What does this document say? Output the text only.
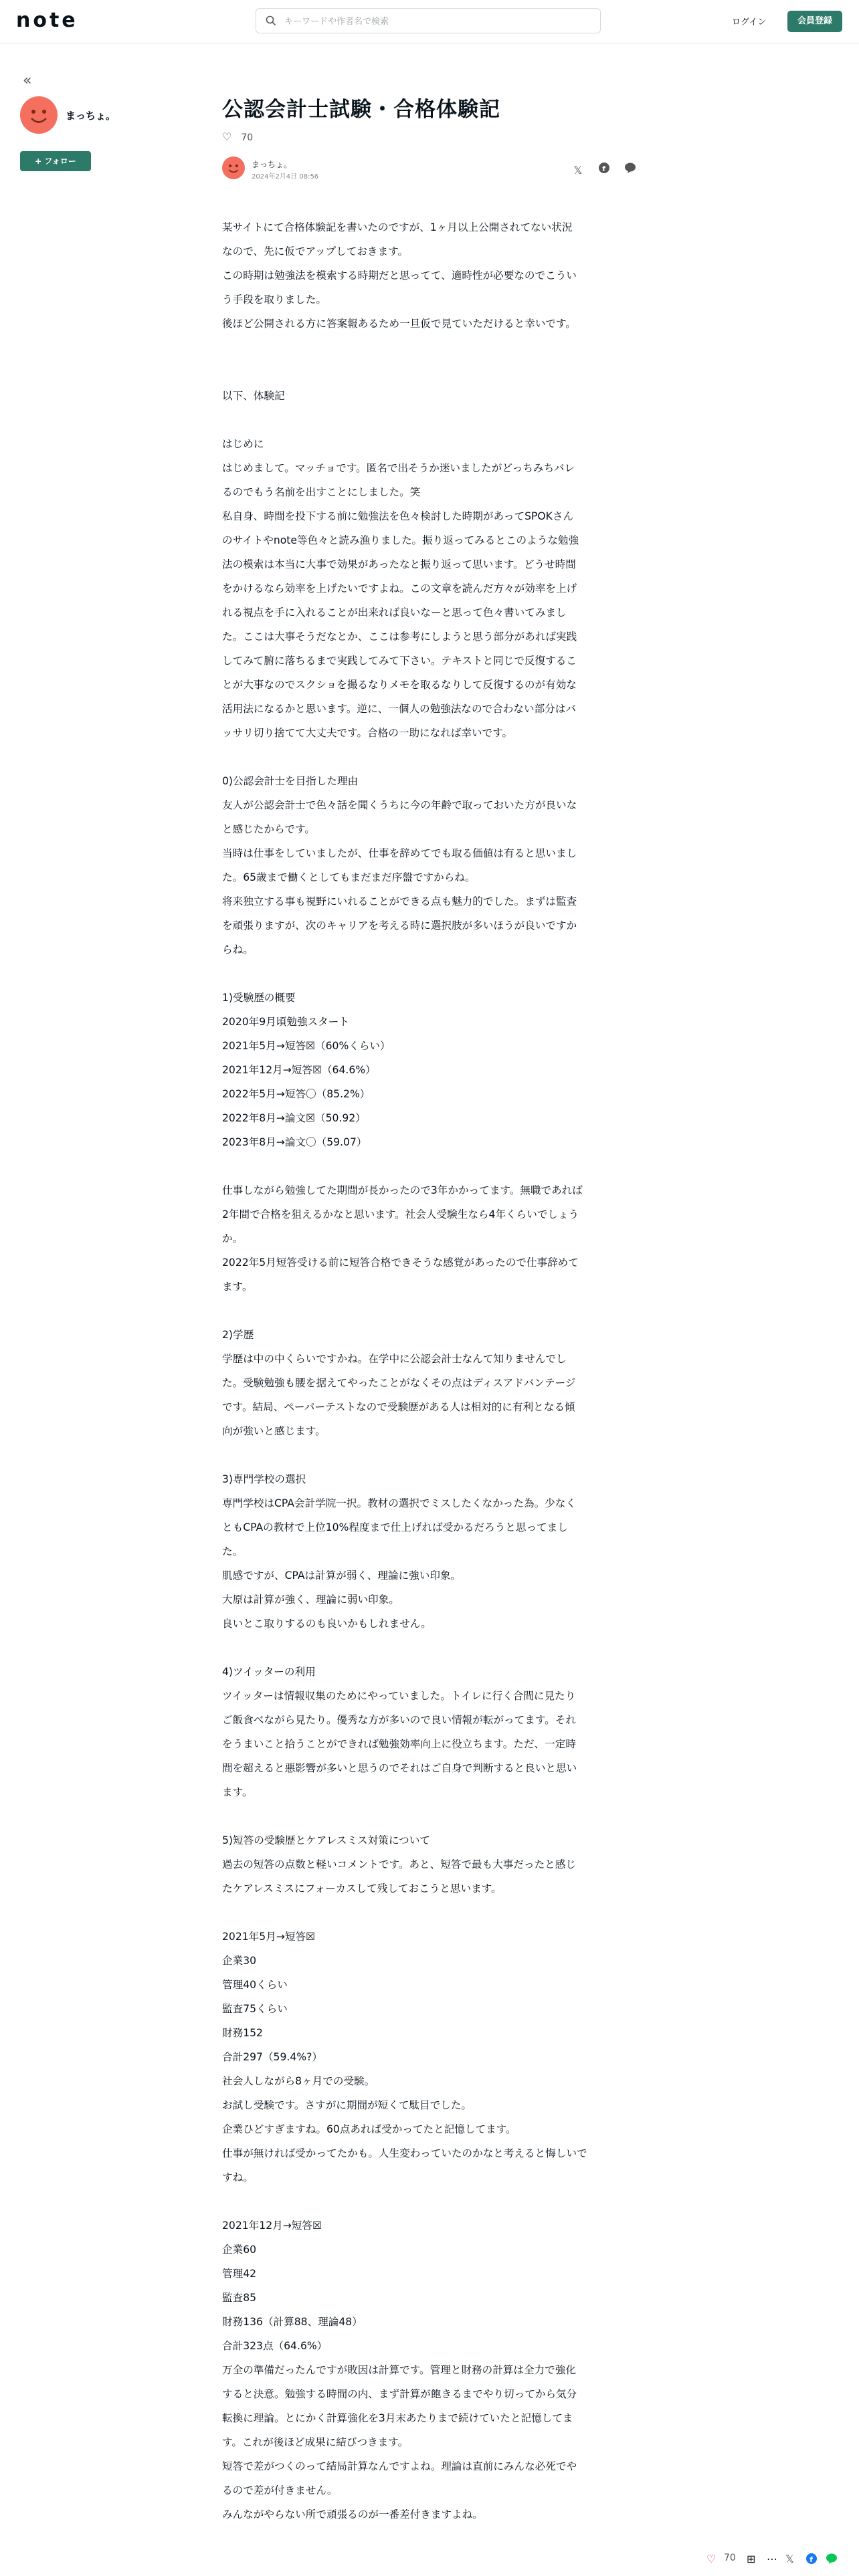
note
キーワードや作者名で検索	ログイン	会員登録
«
まっちょ。
+ フォロー
公認会計士試験・合格体験記
♡ 70
まっちょ。
2024年2月4日 08:56
𝕏	f

某サイトにて合格体験記を書いたのですが、1ヶ月以上公開されてない状況
なので、先に仮でアップしておきます。
この時期は勉強法を模索する時期だと思ってて、適時性が必要なのでこうい
う手段を取りました。
後ほど公開される方に答案報あるため一旦仮で見ていただけると幸いです。
以下、体験記
はじめに
はじめまして。マッチョです。匿名で出そうか迷いましたがどっちみちバレ
るのでもう名前を出すことにしました。笑
私自身、時間を投下する前に勉強法を色々検討した時期があってSPOKさん
のサイトやnote等色々と読み漁りました。振り返ってみるとこのような勉強
法の模索は本当に大事で効果があったなと振り返って思います。どうせ時間
をかけるなら効率を上げたいですよね。この文章を読んだ方々が効率を上げ
れる視点を手に入れることが出来れば良いなーと思って色々書いてみまし
た。ここは大事そうだなとか、ここは参考にしようと思う部分があれば実践
してみて腑に落ちるまで実践してみて下さい。テキストと同じで反復するこ
とが大事なのでスクショを撮るなりメモを取るなりして反復するのが有効な
活用法になるかと思います。逆に、一個人の勉強法なので合わない部分はバ
ッサリ切り捨てて大丈夫です。合格の一助になれば幸いです。
0)公認会計士を目指した理由
友人が公認会計士で色々話を聞くうちに今の年齢で取っておいた方が良いな
と感じたからです。
当時は仕事をしていましたが、仕事を辞めてでも取る価値は有ると思いまし
た。65歳まで働くとしてもまだまだ序盤ですからね。
将来独立する事も視野にいれることができる点も魅力的でした。まずは監査
を頑張りますが、次のキャリアを考える時に選択肢が多いほうが良いですか
らね。
1)受験歴の概要
2020年9月頃勉強スタート
2021年5月→短答☒（60%くらい）
2021年12月→短答☒（64.6%）
2022年5月→短答〇（85.2%）
2022年8月→論文☒（50.92）
2023年8月→論文〇（59.07）
仕事しながら勉強してた期間が長かったので3年かかってます。無職であれば
2年間で合格を狙えるかなと思います。社会人受験生なら4年くらいでしょう
か。
2022年5月短答受ける前に短答合格できそうな感覚があったので仕事辞めて
ます。
2)学歴
学歴は中の中くらいですかね。在学中に公認会計士なんて知りませんでし
た。受験勉強も腰を据えてやったことがなくその点はディスアドバンテージ
です。結局、ペーパーテストなので受験歴がある人は相対的に有利となる傾
向が強いと感じます。
3)専門学校の選択
専門学校はCPA会計学院一択。教材の選択でミスしたくなかった為。少なく
ともCPAの教材で上位10%程度まで仕上げれば受かるだろうと思ってまし
た。
肌感ですが、CPAは計算が弱く、理論に強い印象。
大原は計算が強く、理論に弱い印象。
良いとこ取りするのも良いかもしれません。
4)ツイッターの利用
ツイッターは情報収集のためにやっていました。トイレに行く合間に見たり
ご飯食べながら見たり。優秀な方が多いので良い情報が転がってます。それ
をうまいこと拾うことができれば勉強効率向上に役立ちます。ただ、一定時
間を超えると悪影響が多いと思うのでそれはご自身で判断すると良いと思い
ます。
5)短答の受験歴とケアレスミス対策について
過去の短答の点数と軽いコメントです。あと、短答で最も大事だったと感じ
たケアレスミスにフォーカスして残しておこうと思います。
2021年5月→短答☒
企業30
管理40くらい
監査75くらい
財務152
合計297（59.4%?）
社会人しながら8ヶ月での受験。
お試し受験です。さすがに期間が短くて駄目でした。
企業ひどすぎますね。60点あれば受かってたと記憶してます。
仕事が無ければ受かってたかも。人生変わっていたのかなと考えると悔しいで
すね。
2021年12月→短答☒
企業60
管理42
監査85
財務136（計算88、理論48）
合計323点（64.6%）
万全の準備だったんですが敗因は計算です。管理と財務の計算は全力で強化
すると決意。勉強する時間の内、まず計算が飽きるまでやり切ってから気分
転換に理論。とにかく計算強化を3月末あたりまで続けていたと記憶してま
す。これが後ほど成果に結びつきます。
短答で差がつくのって結局計算なんですよね。理論は直前にみんな必死でや
るので差が付きません。
みんながやらない所で頑張るのが一番差付きますよね。
♡ 70 ⊞ ⋯ 𝕏 f
